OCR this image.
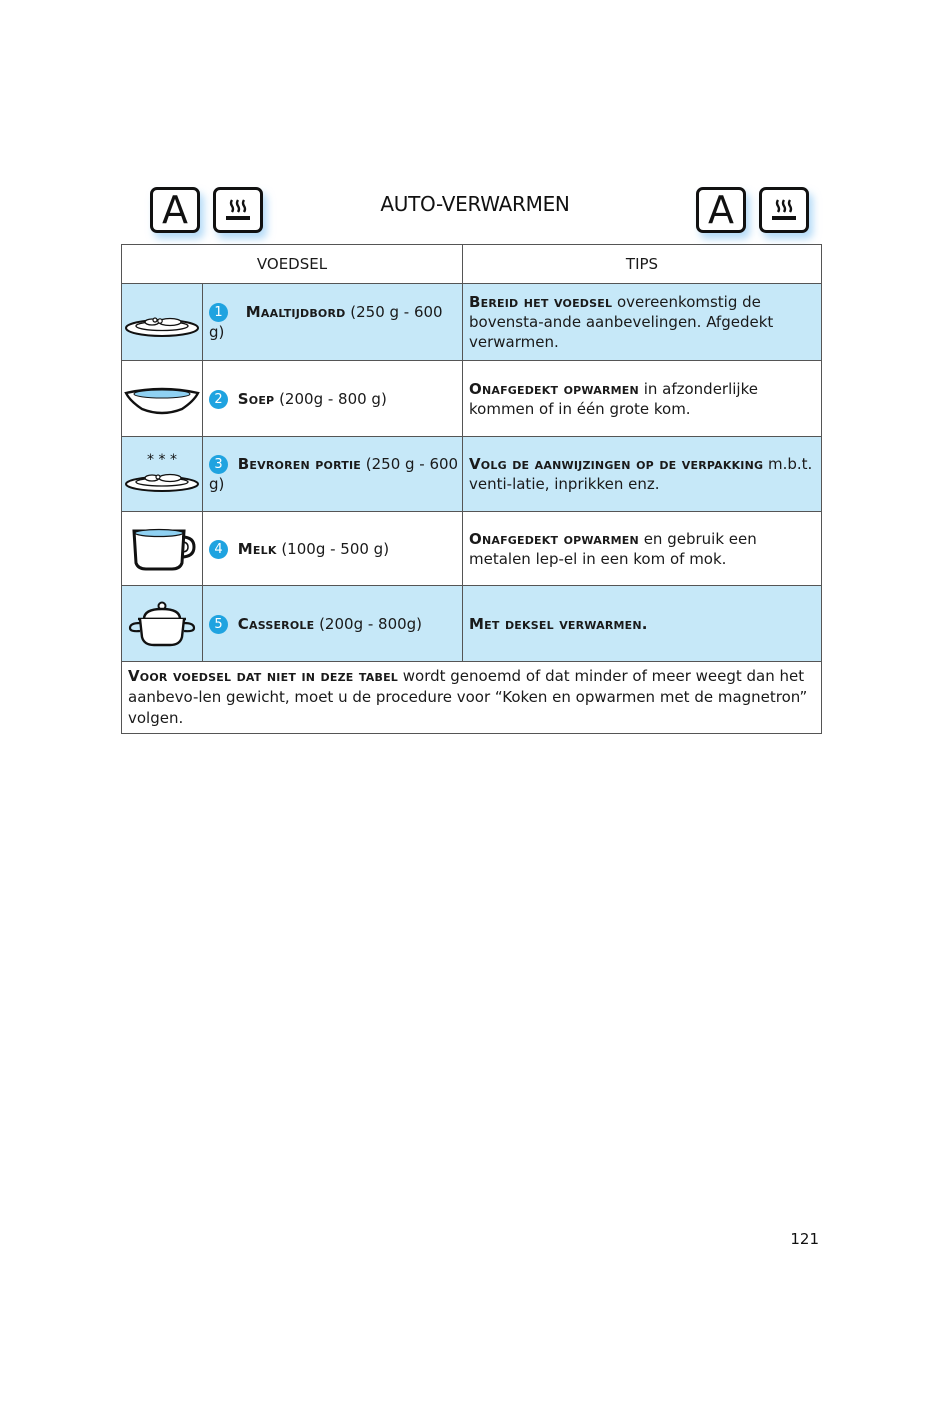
A	AUTO-VERWARMEN	A
VOEDSEL		TIPS

	1 Maaltijdbord (250 g - 600 g)	Bereid het voedsel overeenkomstig de bovensta-ande aanbevelingen. Afgedekt verwarmen.

	2 Soep (200g - 800 g)	Onafgedekt opwarmen in afzonderlijke kommen of in één grote kom.

* * *	3 Bevroren portie (250 g - 600 g)	Volg de aanwijzingen op de verpakking m.b.t. venti-latie, inprikken enz.

	4 Melk (100g - 500 g)	Onafgedekt opwarmen en gebruik een metalen lep-el in een kom of mok.

	5 Casserole (200g - 800g)	Met deksel verwarmen.
Voor voedsel dat niet in deze tabel wordt genoemd of dat minder of meer weegt dan het aanbevo-len gewicht, moet u de procedure voor “Koken en opwarmen met de magnetron” volgen.		
121
